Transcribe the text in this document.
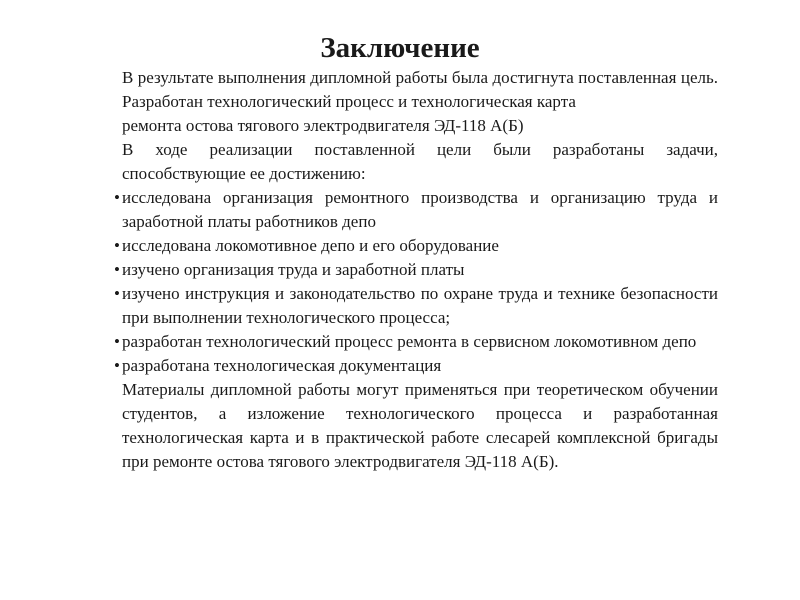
Заключение

В результате выполнения дипломной работы была достигнута поставленная цель. Разработан технологический процесс и технологическая карта

ремонта остова тягового электродвигателя ЭД-118 А(Б)

В ходе реализации поставленной цели были разработаны задачи, способствующие ее достижению:

• исследована организация ремонтного производства и организацию труда и заработной платы работников депо
• исследована локомотивное депо и его оборудование
• изучено организация труда и заработной платы
• изучено инструкция и законодательство по охране труда и технике безопасности при выполнении технологического процесса;
• разработан технологический процесс ремонта в сервисном локомотивном депо
• разработана технологическая документация

Материалы дипломной работы могут применяться при теоретическом обучении студентов, а изложение технологического процесса и разработанная технологическая карта и в практической работе слесарей комплексной бригады при ремонте остова тягового электродвигателя ЭД-118 А(Б).
